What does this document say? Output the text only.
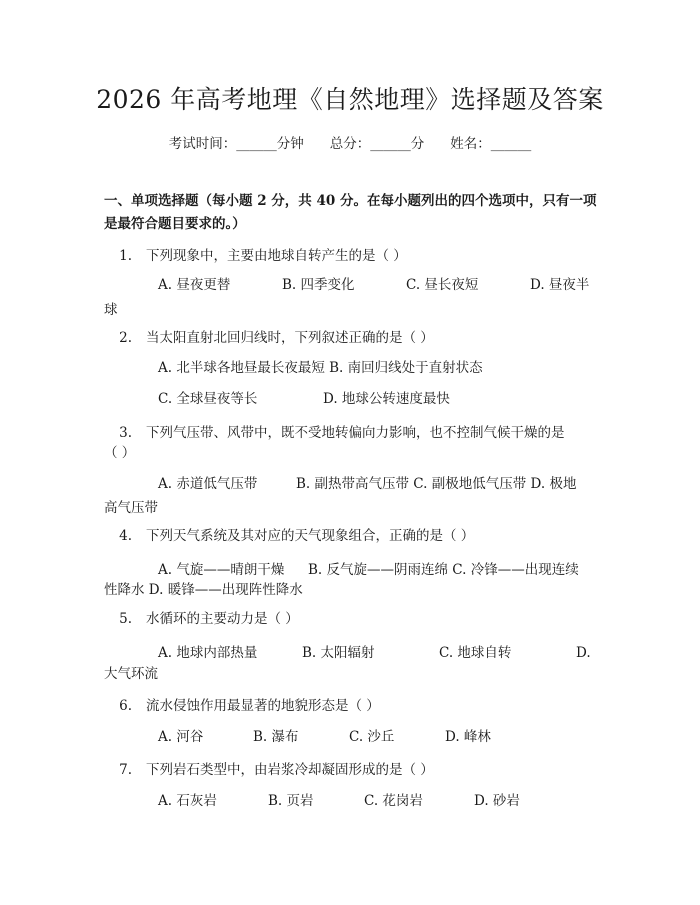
2026 年高考地理《自然地理》选择题及答案
考试时间：______分钟 总分：______分 姓名：______
一、单项选择题（每小题 2 分，共 40 分。在每小题列出的四个选项中，只有一项
是最符合题目要求的。）
1. 下列现象中，主要由地球自转产生的是（ ）
A. 昼夜更替	B. 四季变化	C. 昼长夜短	D. 昼夜半
球
2. 当太阳直射北回归线时，下列叙述正确的是（ ）
A. 北半球各地昼最长夜最短 B. 南回归线处于直射状态
C. 全球昼夜等长	D. 地球公转速度最快
3. 下列气压带、风带中，既不受地转偏向力影响，也不控制气候干燥的是
（ ）
A. 赤道低气压带	B. 副热带高气压带 C. 副极地低气压带 D. 极地
高气压带
4. 下列天气系统及其对应的天气现象组合，正确的是（ ）
A. 气旋——晴朗干燥 B. 反气旋——阴雨连绵 C. 冷锋——出现连续
性降水 D. 暖锋——出现阵性降水
5. 水循环的主要动力是（ ）
A. 地球内部热量	B. 太阳辐射	C. 地球自转	D.
大气环流
6. 流水侵蚀作用最显著的地貌形态是（ ）
A. 河谷	B. 瀑布	C. 沙丘	D. 峰林
7. 下列岩石类型中，由岩浆冷却凝固形成的是（ ）
A. 石灰岩	B. 页岩	C. 花岗岩	D. 砂岩
